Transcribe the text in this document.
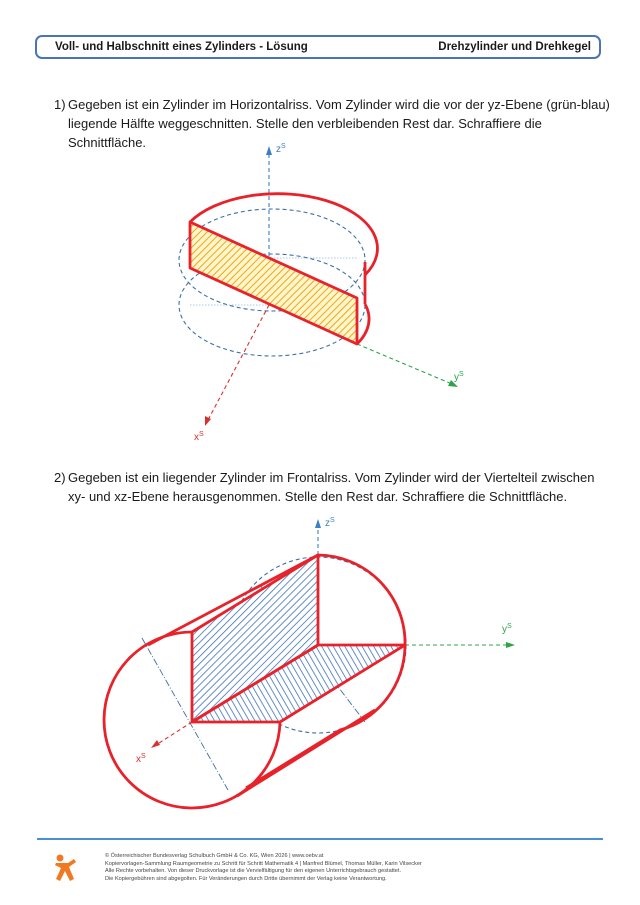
Voll- und Halbschnitt eines Zylinders - Lösung	Drehzylinder und Drehkegel
1) Gegeben ist ein Zylinder im Horizontalriss. Vom Zylinder wird die vor der yz-Ebene (grün-blau) liegende Hälfte weggeschnitten. Stelle den verbleibenden Rest dar. Schraffiere die Schnittfläche.
2) Gegeben ist ein liegender Zylinder im Frontalriss. Vom Zylinder wird der Viertelteil zwischen xy- und xz-Ebene herausgenommen. Stelle den Rest dar. Schraffiere die Schnittfläche.
$z^S$
$y^S$
$x^S$
$z^S$
$y^S$
$x^S$
© Österreichischer Bundesverlag Schulbuch GmbH & Co. KG, Wien 2026 | www.oebv.at
Kopiervorlagen-Sammlung Raumgeometrie zu Schritt für Schritt Mathematik 4 | Manfred Blümel, Thomas Müller, Karin Vilsecker
Alle Rechte vorbehalten. Von dieser Druckvorlage ist die Vervielfältigung für den eigenen Unterrichtsgebrauch gestattet.
Die Kopiergebühren sind abgegolten. Für Veränderungen durch Dritte übernimmt der Verlag keine Verantwortung.
